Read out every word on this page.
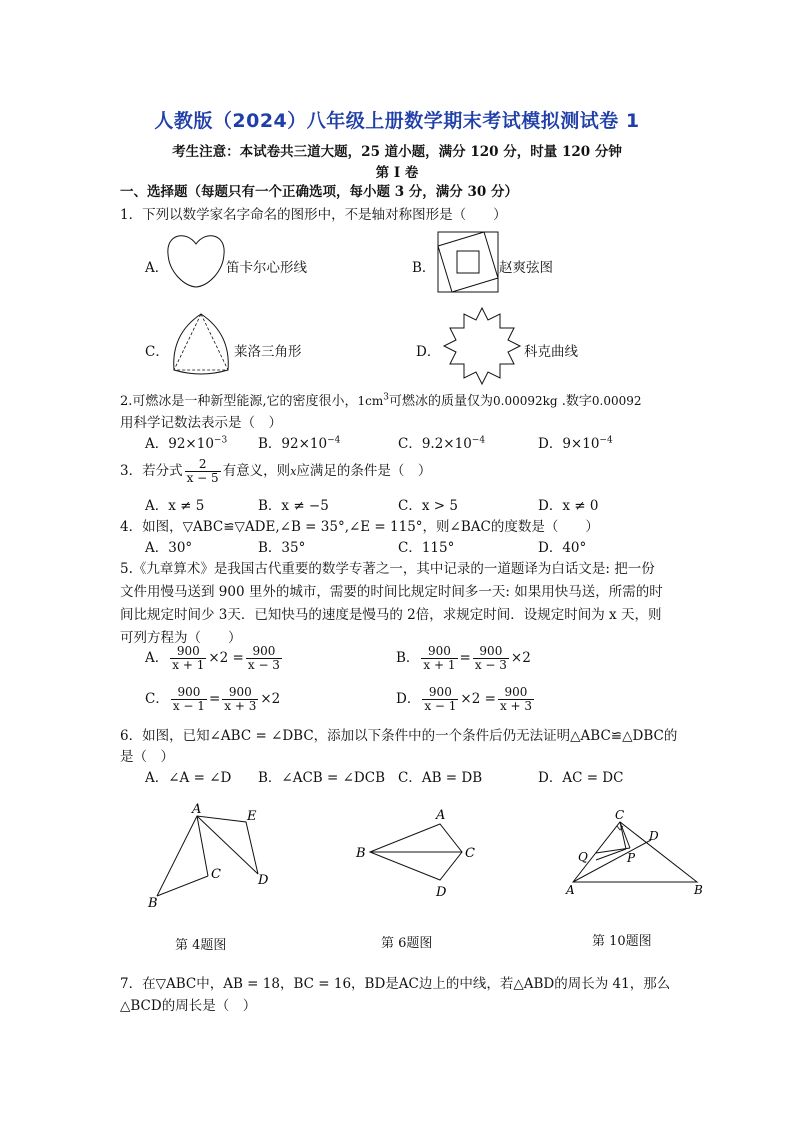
人教版（2024）八年级上册数学期末考试模拟测试卷 1
考生注意：本试卷共三道大题，25 道小题，满分 120 分，时量 120 分钟
第 I 卷
一、选择题（每题只有一个正确选项，每小题 3 分，满分 30 分）
1．下列以数学家名字命名的图形中，不是轴对称图形是（　　）
A．	笛卡尔心形线	B．	赵爽弦图
C．	莱洛三角形	D．	科克曲线
2.可燃冰是一种新型能源,它的密度很小，$1cm^3$可燃冰的质量仅为0.00092kg .数字0.00092
用科学记数法表示是（　）
A．$92\times 10^{-3}$ B．$92\times 10^{-4}$	C．$9.2\times 10^{-4}$	D．$9\times 10^{-4}$
3．若分式 $\frac{2}{x - 5}$ 有意义，则x应满足的条件是（　）
A．x ≠ 5	B．x ≠ −5	C．x > 5	D．x ≠ 0
4．如图，▽ABC≌▽ADE,∠B = 35°,∠E = 115°，则∠BAC的度数是（　　）
A．30°	B．35°	C．115°	D．40°
5.《九章算术》是我国古代重要的数学专著之一，其中记录的一道题译为白话文是: 把一份
文件用慢马送到 900 里外的城市，需要的时间比规定时间多一天: 如果用快马送，所需的时
间比规定时间少 3天．已知快马的速度是慢马的 2倍，求规定时间．设规定时间为 x 天，则
可列方程为（　　）
A． $\frac{900}{x + 1} \times 2 = \frac{900}{x - 3}$	B． $\frac{900}{x + 1} = \frac{900}{x - 3} \times 2$
C． $\frac{900}{x - 1} = \frac{900}{x + 3} \times 2$	D． $\frac{900}{x - 1} \times 2 = \frac{900}{x + 3}$
6．如图，已知∠ABC = ∠DBC，添加以下条件中的一个条件后仍无法证明△ABC≌△DBC的
是（　）
A．∠A = ∠D B．∠ACB = ∠DCB C．AB = DB	D．AC = DC
A	E
C	D
B
第 4题图
A
B	C
D
第 6题图
C
D
Q	P
A	B
第 10题图
7．在▽ABC中，AB = 18，BC = 16，BD是AC边上的中线，若△ABD的周长为 41，那么
△BCD的周长是（　）
